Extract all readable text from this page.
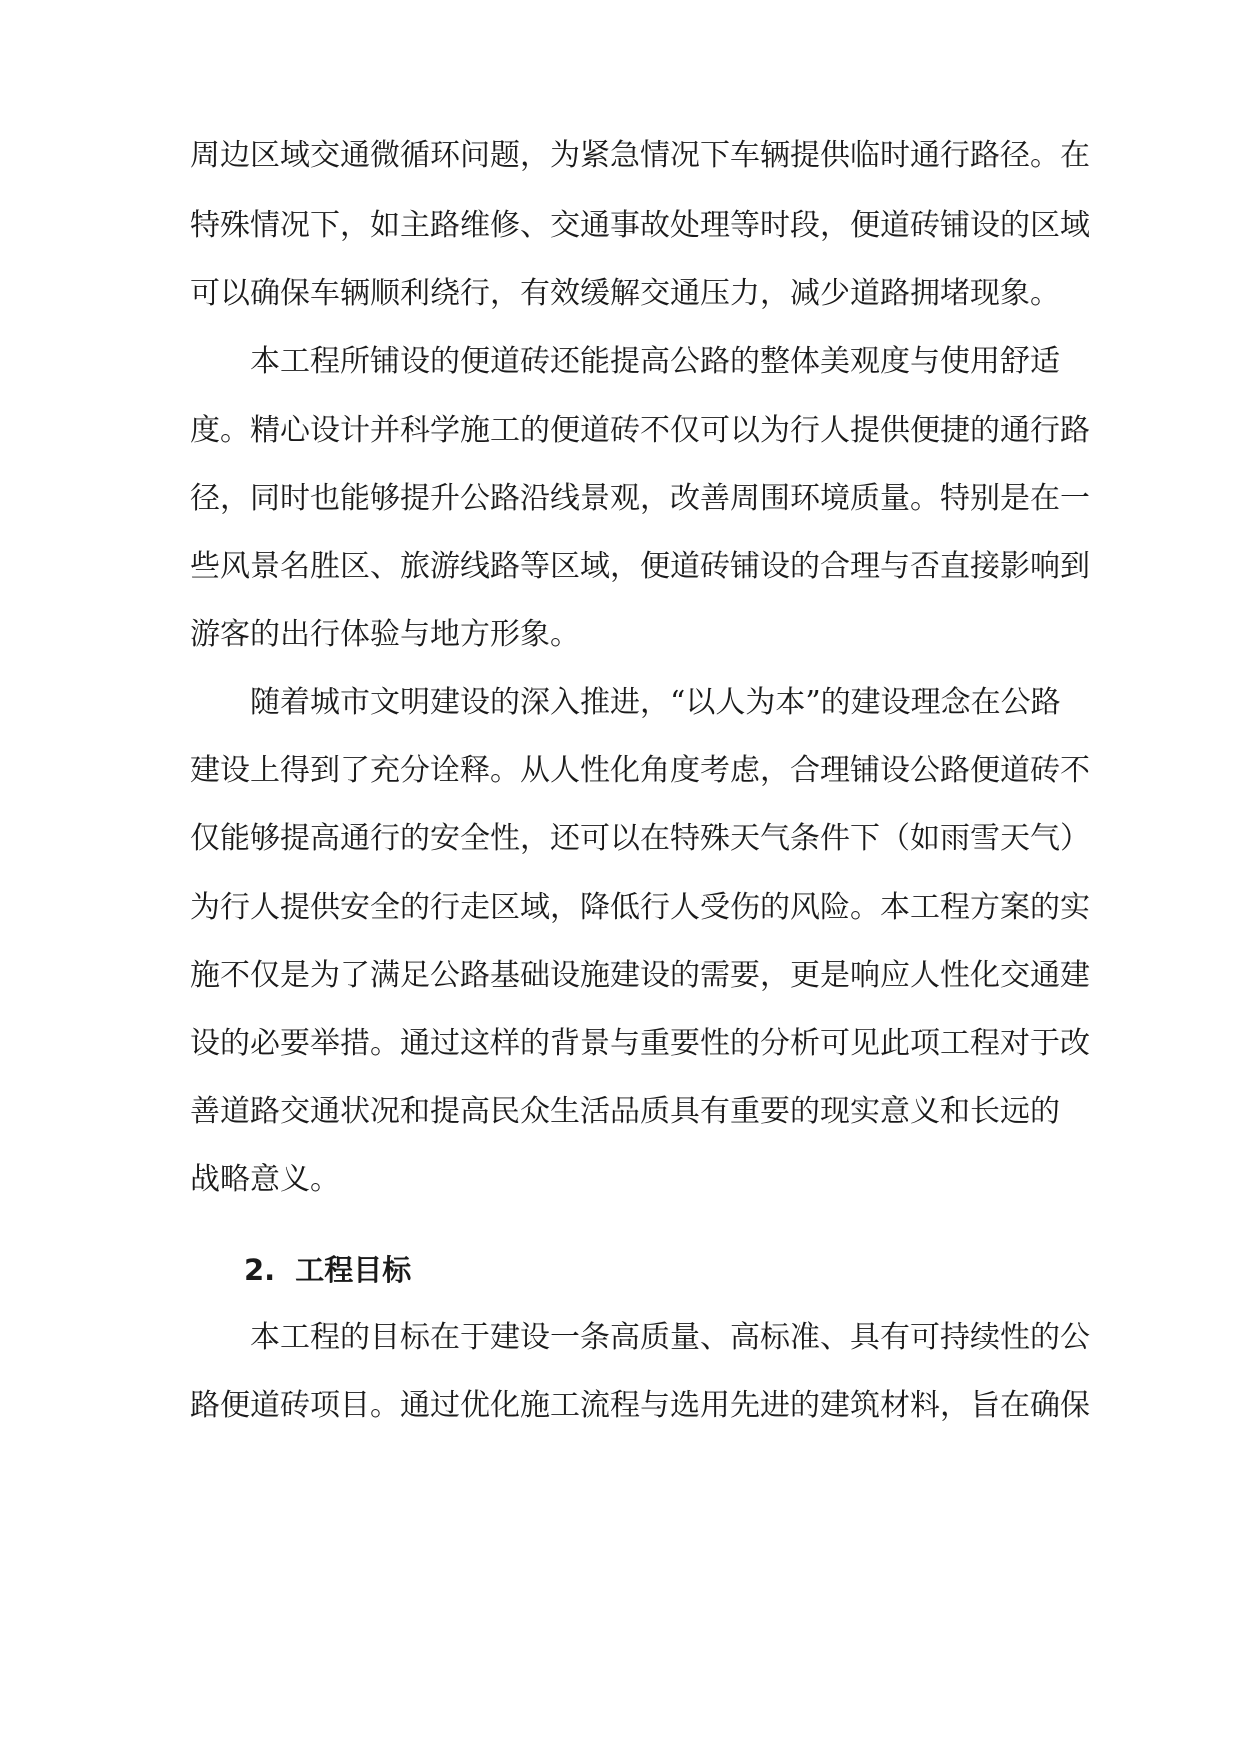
周边区域交通微循环问题，为紧急情况下车辆提供临时通行路径。在

特殊情况下，如主路维修、交通事故处理等时段，便道砖铺设的区域

可以确保车辆顺利绕行，有效缓解交通压力，减少道路拥堵现象。

　　本工程所铺设的便道砖还能提高公路的整体美观度与使用舒适

度。精心设计并科学施工的便道砖不仅可以为行人提供便捷的通行路

径，同时也能够提升公路沿线景观，改善周围环境质量。特别是在一

些风景名胜区、旅游线路等区域，便道砖铺设的合理与否直接影响到

游客的出行体验与地方形象。

　　随着城市文明建设的深入推进，“以人为本”的建设理念在公路

建设上得到了充分诠释。从人性化角度考虑，合理铺设公路便道砖不

仅能够提高通行的安全性，还可以在特殊天气条件下（如雨雪天气）

为行人提供安全的行走区域，降低行人受伤的风险。本工程方案的实

施不仅是为了满足公路基础设施建设的需要，更是响应人性化交通建

设的必要举措。通过这样的背景与重要性的分析可见此项工程对于改

善道路交通状况和提高民众生活品质具有重要的现实意义和长远的

战略意义。

2. 工程目标

　　本工程的目标在于建设一条高质量、高标准、具有可持续性的公

路便道砖项目。通过优化施工流程与选用先进的建筑材料，旨在确保
